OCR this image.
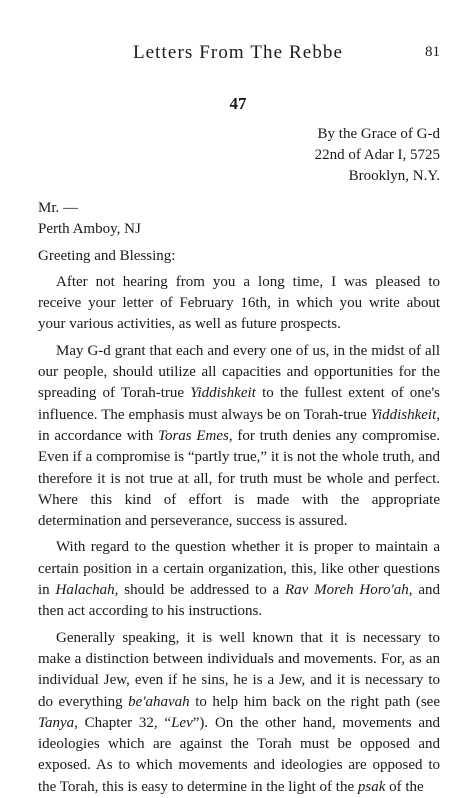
Letters From The Rebbe	81
47
By the Grace of G-d
22nd of Adar I, 5725
Brooklyn, N.Y.

Mr. —

Perth Amboy, NJ

Greeting and Blessing:

After not hearing from you a long time, I was pleased to receive your letter of February 16th, in which you write about your various activities, as well as future prospects.

May G-d grant that each and every one of us, in the midst of all our people, should utilize all capacities and opportunities for the spreading of Torah-true Yiddishkeit to the fullest extent of one's influence. The emphasis must always be on Torah-true Yiddishkeit, in accordance with Toras Emes, for truth denies any compromise. Even if a compromise is “partly true,” it is not the whole truth, and therefore it is not true at all, for truth must be whole and perfect. Where this kind of effort is made with the appropriate determination and perseverance, success is assured.

With regard to the question whether it is proper to maintain a certain position in a certain organization, this, like other questions in Halachah, should be addressed to a Rav Moreh Horo'ah, and then act according to his instructions.

Generally speaking, it is well known that it is necessary to make a distinction between individuals and movements. For, as an individual Jew, even if he sins, he is a Jew, and it is necessary to do everything be'ahavah to help him back on the right path (see Tanya, Chapter 32, “Lev”). On the other hand, movements and ideologies which are against the Torah must be opposed and exposed. As to which movements and ideologies are opposed to the Torah, this is easy to determine in the light of the psak of the
